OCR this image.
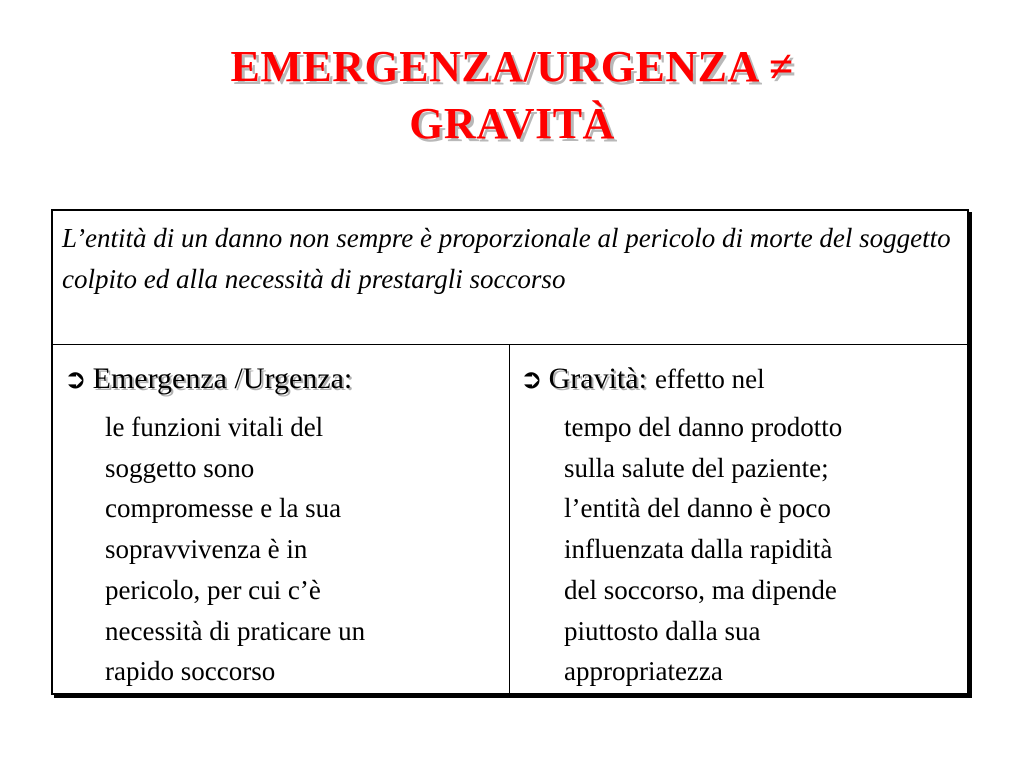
EMERGENZA/URGENZA ≠
GRAVITÀ
L’entità di un danno non sempre è proporzionale al pericolo di morte del soggetto colpito ed alla necessità di prestargli soccorso
➲ Emergenza /Urgenza:
le funzioni vitali del
soggetto sono
compromesse e la sua
sopravvivenza è in
pericolo, per cui c’è
necessità di praticare un
rapido soccorso
➲ Gravità: effetto nel
tempo del danno prodotto
sulla salute del paziente;
l’entità del danno è poco
influenzata dalla rapidità
del soccorso, ma dipende
piuttosto dalla sua
appropriatezza
